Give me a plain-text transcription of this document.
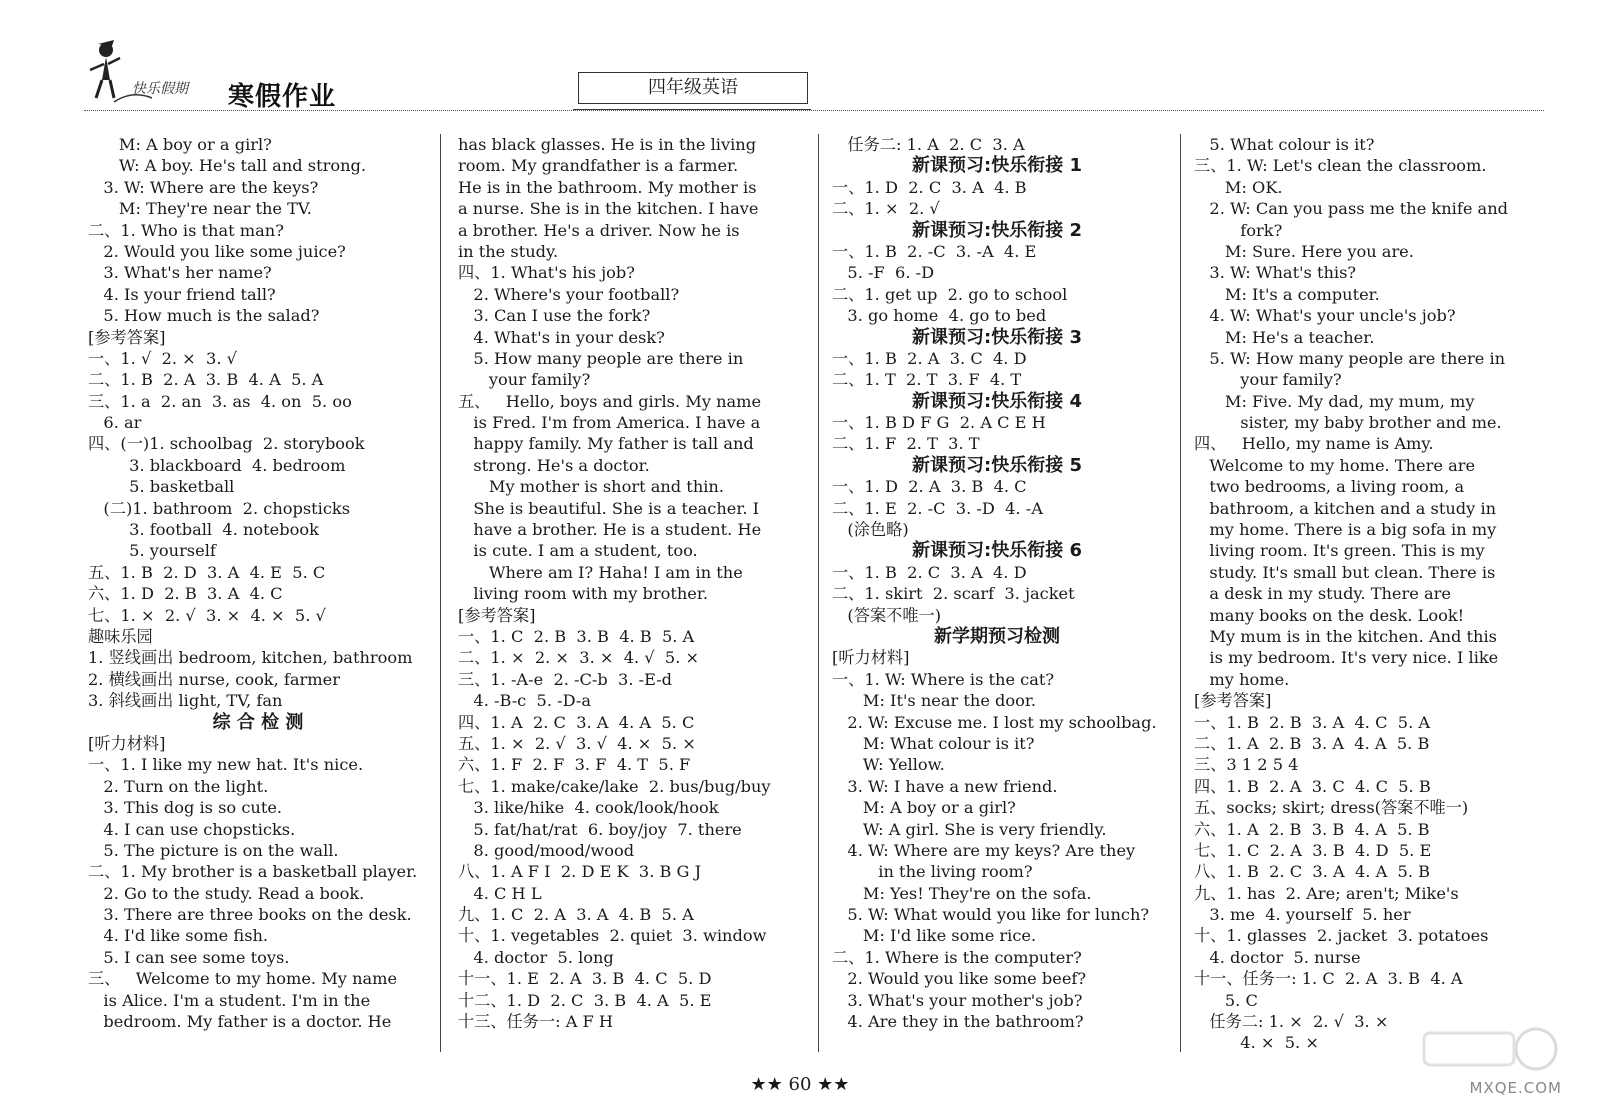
快乐假期 寒假作业	四年级英语
M: A boy or a girl?
W: A boy. He's tall and strong.
3. W: Where are the keys?
M: They're near the TV.
二、1. Who is that man?
2. Would you like some juice?
3. What's her name?
4. Is your friend tall?
5. How much is the salad?
[参考答案]
一、1. √  2. ×  3. √
二、1. B  2. A  3. B  4. A  5. A
三、1. a  2. an  3. as  4. on  5. oo
6. ar
四、(一)1. schoolbag  2. storybook
3. blackboard  4. bedroom
5. basketball
(二)1. bathroom  2. chopsticks
3. football  4. notebook
5. yourself
五、1. B  2. D  3. A  4. E  5. C
六、1. D  2. B  3. A  4. C
七、1. ×  2. √  3. ×  4. ×  5. √
趣味乐园
1. 竖线画出 bedroom, kitchen, bathroom
2. 横线画出 nurse, cook, farmer
3. 斜线画出 light, TV, fan
综 合 检 测
[听力材料]
一、1. I like my new hat. It's nice.
2. Turn on the light.
3. This dog is so cute.
4. I can use chopsticks.
5. The picture is on the wall.
二、1. My brother is a basketball player.
2. Go to the study. Read a book.
3. There are three books on the desk.
4. I'd like some fish.
5. I can see some toys.
三、   Welcome to my home. My name
is Alice. I'm a student. I'm in the
bedroom. My father is a doctor. He
has black glasses. He is in the living
room. My grandfather is a farmer.
He is in the bathroom. My mother is
a nurse. She is in the kitchen. I have
a brother. He's a driver. Now he is
in the study.
四、1. What's his job?
2. Where's your football?
3. Can I use the fork?
4. What's in your desk?
5. How many people are there in
your family?
五、   Hello, boys and girls. My name
is Fred. I'm from America. I have a
happy family. My father is tall and
strong. He's a doctor.
My mother is short and thin.
She is beautiful. She is a teacher. I
have a brother. He is a student. He
is cute. I am a student, too.
Where am I? Haha! I am in the
living room with my brother.
[参考答案]
一、1. C  2. B  3. B  4. B  5. A
二、1. ×  2. ×  3. ×  4. √  5. ×
三、1. -A-e  2. -C-b  3. -E-d
4. -B-c  5. -D-a
四、1. A  2. C  3. A  4. A  5. C
五、1. ×  2. √  3. √  4. ×  5. ×
六、1. F  2. F  3. F  4. T  5. F
七、1. make/cake/lake  2. bus/bug/buy
3. like/hike  4. cook/look/hook
5. fat/hat/rat  6. boy/joy  7. there
8. good/mood/wood
八、1. A F I  2. D E K  3. B G J
4. C H L
九、1. C  2. A  3. A  4. B  5. A
十、1. vegetables  2. quiet  3. window
4. doctor  5. long
十一、1. E  2. A  3. B  4. C  5. D
十二、1. D  2. C  3. B  4. A  5. E
十三、任务一: A F H
任务二: 1. A  2. C  3. A
新课预习:快乐衔接 1
一、1. D  2. C  3. A  4. B
二、1. ×  2. √
新课预习:快乐衔接 2
一、1. B  2. -C  3. -A  4. E
5. -F  6. -D
二、1. get up  2. go to school
3. go home  4. go to bed
新课预习:快乐衔接 3
一、1. B  2. A  3. C  4. D
二、1. T  2. T  3. F  4. T
新课预习:快乐衔接 4
一、1. B D F G  2. A C E H
二、1. F  2. T  3. T
新课预习:快乐衔接 5
一、1. D  2. A  3. B  4. C
二、1. E  2. -C  3. -D  4. -A
(涂色略)
新课预习:快乐衔接 6
一、1. B  2. C  3. A  4. D
二、1. skirt  2. scarf  3. jacket
(答案不唯一)
新学期预习检测
[听力材料]
一、1. W: Where is the cat?
M: It's near the door.
2. W: Excuse me. I lost my schoolbag.
M: What colour is it?
W: Yellow.
3. W: I have a new friend.
M: A boy or a girl?
W: A girl. She is very friendly.
4. W: Where are my keys? Are they
in the living room?
M: Yes! They're on the sofa.
5. W: What would you like for lunch?
M: I'd like some rice.
二、1. Where is the computer?
2. Would you like some beef?
3. What's your mother's job?
4. Are they in the bathroom?
5. What colour is it?
三、1. W: Let's clean the classroom.
M: OK.
2. W: Can you pass me the knife and
fork?
M: Sure. Here you are.
3. W: What's this?
M: It's a computer.
4. W: What's your uncle's job?
M: He's a teacher.
5. W: How many people are there in
your family?
M: Five. My dad, my mum, my
sister, my baby brother and me.
四、   Hello, my name is Amy.
Welcome to my home. There are
two bedrooms, a living room, a
bathroom, a kitchen and a study in
my home. There is a big sofa in my
living room. It's green. This is my
study. It's small but clean. There is
a desk in my study. There are
many books on the desk. Look!
My mum is in the kitchen. And this
is my bedroom. It's very nice. I like
my home.
[参考答案]
一、1. B  2. B  3. A  4. C  5. A
二、1. A  2. B  3. A  4. A  5. B
三、3 1 2 5 4
四、1. B  2. A  3. C  4. C  5. B
五、socks; skirt; dress(答案不唯一)
六、1. A  2. B  3. B  4. A  5. B
七、1. C  2. A  3. B  4. D  5. E
八、1. B  2. C  3. A  4. A  5. B
九、1. has  2. Are; aren't; Mike's
3. me  4. yourself  5. her
十、1. glasses  2. jacket  3. potatoes
4. doctor  5. nurse
十一、任务一: 1. C  2. A  3. B  4. A
5. C
任务二: 1. ×  2. √  3. ×
4. ×  5. ×
★★ 60 ★★	MXQE.COM
